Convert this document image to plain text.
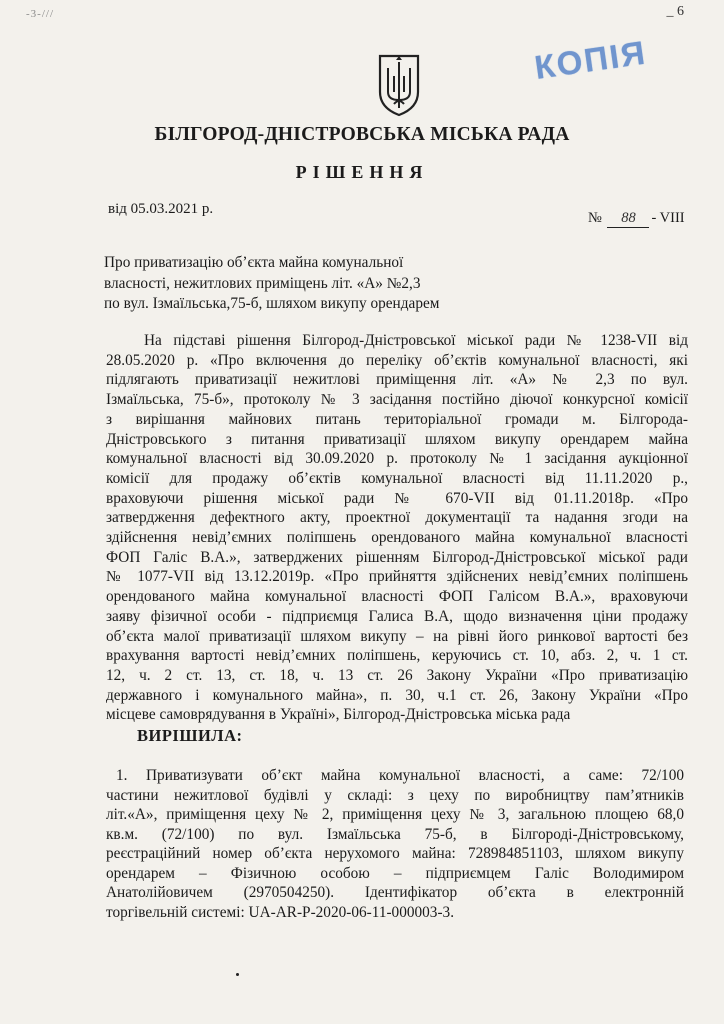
-3-///	_ 6
КОПІЯ
БІЛГОРОД-ДНІСТРОВСЬКА МІСЬКА РАДА
РІШЕННЯ
від 05.03.2021 р.
№ 88 - VIII
Про приватизацію об’єкта майна комунальної
власності, нежитлових приміщень літ. «А» №2,3
по вул. Ізмаїльська,75-б, шляхом викупу орендарем
На підставі рішення Білгород-Дністровської міської ради № 1238-VII від
28.05.2020 р. «Про включення до переліку об’єктів комунальної власності, які
підлягають приватизації нежитлові приміщення літ. «А» № 2,3 по вул.
Ізмаїльська, 75-б», протоколу № 3 засідання постійно діючої конкурсної комісії
з вирішання майнових питань територіальної громади м. Білгорода-
Дністровського з питання приватизації шляхом викупу орендарем майна
комунальної власності від 30.09.2020 р. протоколу № 1 засідання аукціонної
комісії для продажу об’єктів комунальної власності від 11.11.2020 р.,
враховуючи рішення міської ради № 670-VII від 01.11.2018р. «Про
затвердження дефектного акту, проектної документації та надання згоди на
здійснення невід’ємних поліпшень орендованого майна комунальної власності
ФОП Галіс В.А.», затверджених рішенням Білгород-Дністровської міської ради
№ 1077-VII від 13.12.2019р. «Про прийняття здійснених невід’ємних поліпшень
орендованого майна комунальної власності ФОП Галісом В.А.», враховуючи
заяву фізичної особи - підприємця Галиса В.А, щодо визначення ціни продажу
об’єкта малої приватизації шляхом викупу – на рівні його ринкової вартості без
врахування вартості невід’ємних поліпшень, керуючись ст. 10, абз. 2, ч. 1 ст.
12, ч. 2 ст. 13, ст. 18, ч. 13 ст. 26 Закону України «Про приватизацію
державного і комунального майна», п. 30, ч.1 ст. 26, Закону України «Про
місцеве самоврядування в Україні», Білгород-Дністровська міська рада
ВИРІШИЛА:
1. Приватизувати об’єкт майна комунальної власності, а саме: 72/100
частини нежитлової будівлі у складі: з цеху по виробництву пам’ятників
літ.«А», приміщення цеху № 2, приміщення цеху № 3, загальною площею 68,0
кв.м. (72/100) по вул. Ізмаїльська 75-б, в Білгороді-Дністровському,
реєстраційний номер об’єкта нерухомого майна: 728984851103, шляхом викупу
орендарем – Фізичною особою – підприємцем Галіс Володимиром
Анатолійовичем (2970504250). Ідентифікатор об’єкта в електронній
торгівельній системі: UA-AR-P-2020-06-11-000003-3.
